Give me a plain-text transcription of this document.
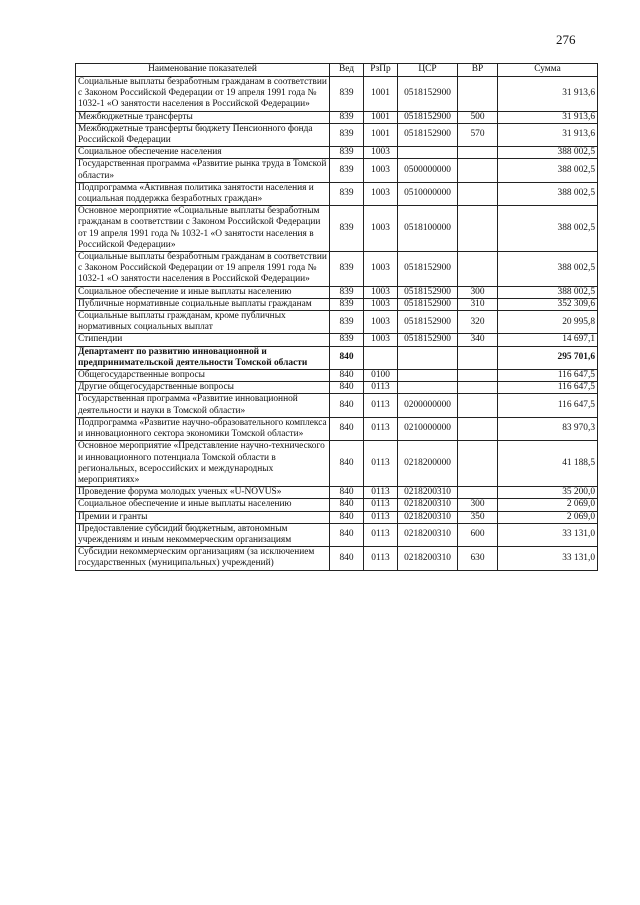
276
Наименование показателей	Вед	РзПр	ЦСР	ВР	Сумма
Социальные выплаты безработным гражданам в соответствии с Законом Российской Федерации от 19 апреля 1991 года № 1032-1 «О занятости населения в Российской Федерации»	839	1001	0518152900		31 913,6
Межбюджетные трансферты	839	1001	0518152900	500	31 913,6
Межбюджетные трансферты бюджету Пенсионного фонда Российской Федерации	839	1001	0518152900	570	31 913,6
Социальное обеспечение населения	839	1003			388 002,5
Государственная программа «Развитие рынка труда в Томской области»	839	1003	0500000000		388 002,5
Подпрограмма «Активная политика занятости населения и социальная поддержка безработных граждан»	839	1003	0510000000		388 002,5
Основное мероприятие «Социальные выплаты безработным гражданам в соответствии с Законом Российской Федерации от 19 апреля 1991 года № 1032-1 «О занятости населения в Российской Федерации»	839	1003	0518100000		388 002,5
Социальные выплаты безработным гражданам в соответствии с Законом Российской Федерации от 19 апреля 1991 года № 1032-1 «О занятости населения в Российской Федерации»	839	1003	0518152900		388 002,5
Социальное обеспечение и иные выплаты населению	839	1003	0518152900	300	388 002,5
Публичные нормативные социальные выплаты гражданам	839	1003	0518152900	310	352 309,6
Социальные выплаты гражданам, кроме публичных нормативных социальных выплат	839	1003	0518152900	320	20 995,8
Стипендии	839	1003	0518152900	340	14 697,1
Департамент по развитию инновационной и предпринимательской деятельности Томской области	840				295 701,6
Общегосударственные вопросы	840	0100			116 647,5
Другие общегосударственные вопросы	840	0113			116 647,5
Государственная программа «Развитие инновационной деятельности и науки в Томской области»	840	0113	0200000000		116 647,5
Подпрограмма «Развитие научно-образовательного комплекса и инновационного сектора экономики Томской области»	840	0113	0210000000		83 970,3
Основное мероприятие «Представление научно-технического и инновационного потенциала Томской области в региональных, всероссийских и международных мероприятиях»	840	0113	0218200000		41 188,5
Проведение форума молодых ученых «U-NOVUS»	840	0113	0218200310		35 200,0
Социальное обеспечение и иные выплаты населению	840	0113	0218200310	300	2 069,0
Премии и гранты	840	0113	0218200310	350	2 069,0
Предоставление субсидий бюджетным, автономным учреждениям и иным некоммерческим организациям	840	0113	0218200310	600	33 131,0
Субсидии некоммерческим организациям (за исключением государственных (муниципальных) учреждений)	840	0113	0218200310	630	33 131,0
